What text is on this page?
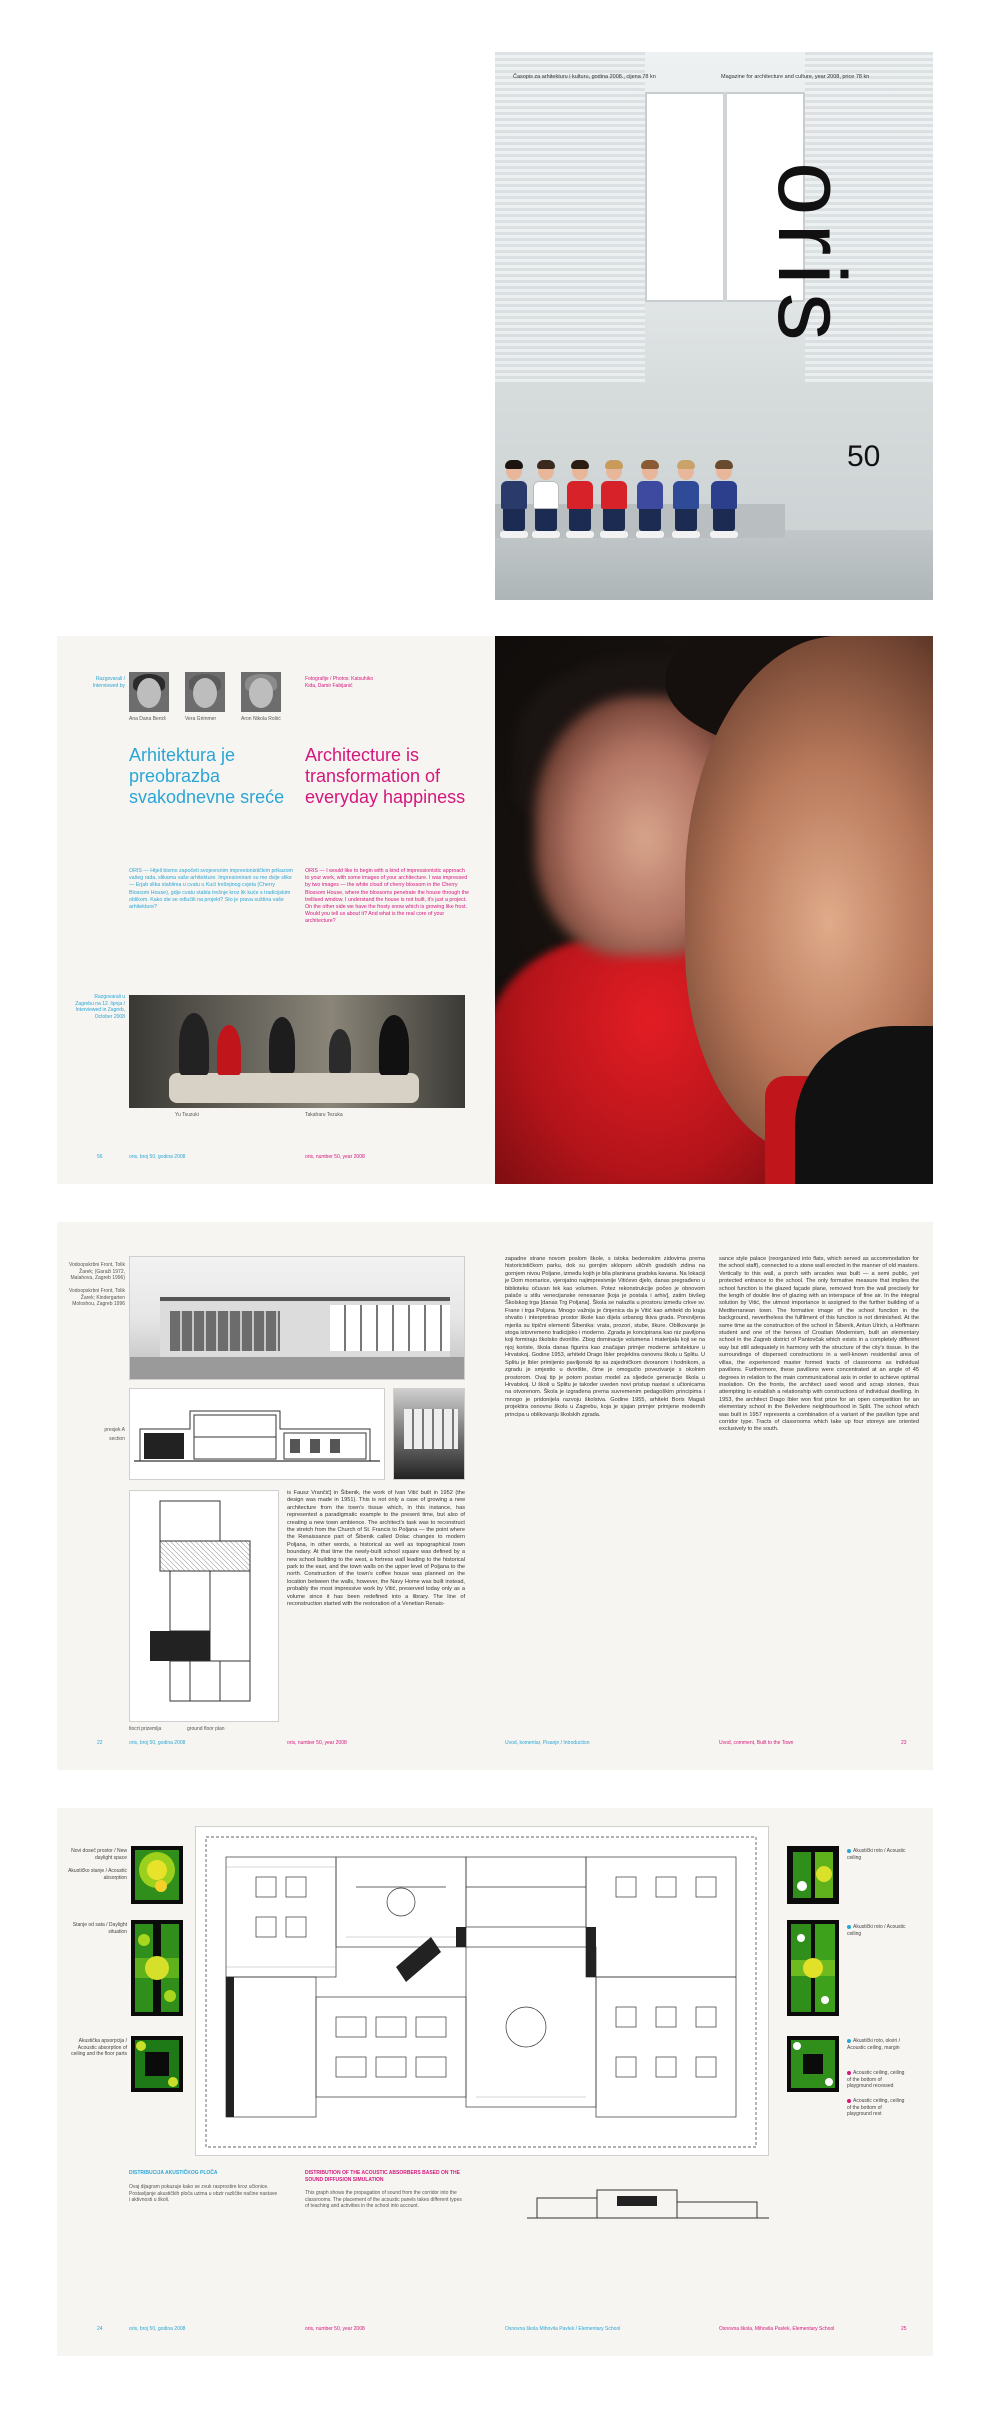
Časopis za arhitekturu i kulturu, godina 2008., cijena 78 kn	Magazine for architecture and culture, year 2008, price 78 kn
oris
50
Razgovarali / Interviewed by
Ana Dana Beroš	Vera Grimmer	Aron Nikola Rošić
Fotografije / Photos: Katsuhiko Kida, Damir Fabijanić
Arhitektura je preobrazba svakodnevne sreće
Architecture is transformation of everyday happiness
ORIS — Htjeli bismo započeti svojevrsnim impresionističkim prikazom vašeg rada, slikama vaše arhitekture. Impresionirani su me dvije slike — Erjab slika stablima u cvatu u Kući trešnjinog cvjeta (Cherry Blossom House), gdje cvatu stabla trešnje kroz lik kuće s tradicijskim oblikom. Kako ste se odlučili na projekt? Sto je prava suština vaše arhitekture?
ORIS — I would like to begin with a kind of impressionistic approach to your work, with some images of your architecture. I was impressed by two images — the white cloud of cherry blossom in the Cherry Blossom House, where the blossoms penetrate the house through the trellised window. I understand the house is not built, it's just a project. On the other side we have the frosty snow which is growing like frost. Would you tell us about it? And what is the real core of your architecture?
Razgovarali u Zagrebu na 12. lipnja / Interviewed in Zagreb, October 2008
Yu Tsuzuki	Takaharu Tezuka
56	oris, broj 50, godina 2008	oris, number 50, year 2008
Vodoopskrbni Front, Tolik Žarek; (Garaži 1972, Malahova, Zagreb 1996)
Vodoopskrbni Front, Tolik Žarek; Kindergarten Moloshou, Zagreb 1996
presjek A
section
tlocrt prizemlja	ground floor plan
is Fausz Vrančić] in Šibenik, the work of Ivan Vitić built in 1952 (the design was made in 1951). This is not only a case of growing a new architecture from the town's tissue which, in this instance, has represented a paradigmatic example to the present time, but also of creating a new town ambience. The architect's task was to reconstruct the stretch from the Church of St. Francis to Poljana — the point where the Renaissance part of Šibenik called Dolac changes to modern Poljana, in other words, a historical as well as topographical town boundary. At that time the newly-built school square was defined by a new school building to the west, a fortress wall leading to the historical park to the east, and the town walls on the upper level of Poljana to the north. Construction of the town's coffee house was planned on the location between the walls, however, the Navy Home was built instead, probably the most impressive work by Vitić, preserved today only as a volume since it has been redefined into a library. The line of reconstruction started with the restoration of a Venetian Renais-
zapadne strane novom poslom škole, s istoka bedemskim zidovima prema historicističkom parku, dok su gornjim sklopom uličnih gradskih zidina na gornjem nivou Poljane, između kojih je bila planirana gradska kavana. Na lokaciji je Dom mornarice, vjerojatno najimpresivnije Vitićevo djelo, danas pregrađeno u biblioteku očuvan tek kao volumen. Potez rekonstrukcije počeo je obnovom palače u stilu venecijanske renesanse [koja je postala i arhiv], zatim bivšeg Školskog trga [danas Trg Poljana]. Škola se nalazila u prostoru između crkve sv. Frane i trga Poljana. Mnogo važnija je činjenica da je Vitić kao arhitekt do kraja shvatio i interpretirao prostor škole kao dijela urbanog tkiva grada. Ponovljena mjerila su tipični elementi Šibenika: vrata, prozori, stube, škure. Oblikovanje je stoga istovremeno tradicijsko i moderno. Zgrada je koncipirana kao niz paviljona koji formiraju školsko dvorište. Zbog dominacije volumena i materijala koji se na njoj koriste, škola danas figurira kao značajan primjer moderne arhitekture u Hrvatskoj. Godine 1953, arhitekt Drago Ibler projektira osnovnu školu u Splitu. U Splitu je Ibler primijenio paviljonski tip sa zajedničkom dvoranom i hodnikom, a zgradu je smjestio u dvorište, čime je omogućio povezivanje s okolnim prostorom. Ovaj tip je potom postao model za sljedeće generacije škola u Hrvatskoj. U školi u Splitu je također uveden novi pristup nastavi s učionicama na otvorenom. Škola je izgrađena prema suvremenim pedagoškim principima i mnogo je pridonijela razvoju školstva. Godine 1955, arhitekt Boris Magaš projektira osnovnu školu u Zagrebu, koja je sjajan primjer primjene modernih principa u oblikovanju školskih zgrada.
sance style palace (reorganized into flats, which served as accommodation for the school staff), connected to a stone wall erected in the manner of old masters. Vertically to this wall, a porch with arcades was built — a semi public, yet protected entrance to the school. The only formative measure that implies the school function is the glazed façade plane, removed from the wall precisely for the length of double line of glazing with an interspace of fine air. In the integral solution by Vitić, the utmost importance is assigned to the further building of a Mediterranean town. The formative image of the school function in the background, nevertheless the fulfilment of this function is not diminished. At the same time as the construction of the school in Šibenik, Antun Ulrich, a Hoffmann student and one of the heroes of Croatian Modernism, built an elementary school in the Zagreb district of Pantovčak which exists in a completely different way but still adequately in harmony with the structure of the city's tissue. In the surroundings of dispersed constructions in a well-known residential area of villas, the experienced master formed tracts of classrooms as individual pavilions. Furthermore, these pavilions were concentrated at an angle of 45 degrees in relation to the main communicational axis in order to achieve optimal insolation. On the fronts, the architect used wood and scrap stones, thus attempting to establish a relationship with constructions of individual dwelling. In 1953, the architect Drago Ibler won first prize for an open competition for an elementary school in the Belvedere neighbourhood in Split. The school which was built in 1957 represents a combination of a variant of the pavilion type and corridor type. Tracts of classrooms which take up four storeys are oriented exclusively to the south.
22	oris, broj 50, godina 2008	oris, number 50, year 2008	Uvod, komentar, Pisanje / Introduction	Uvod, comment, Built to the Town	23
Novi doseč prostor / New daylight space
Akustičko stanje / Acoustic absorption
Stanje od sata / Daylight situation
Akustička apsorpcija / Acoustic absorption of ceiling and the floor parts
Akustički roto / Acoustic ceiling
Akustički roto / Acoustic ceiling
Akustički roto, okviri / Acoustic ceiling, margin
Acoustic ceiling, ceiling of the bottom of playground recessed
Acoustic ceiling, ceiling of the bottom of playground rest
DISTRIBUCIJA AKUSTIČKOG PLOČA
Ovaj dijagram pokazuje kako se zvuk rasprostire kroz učionice. Postavljanje akustičkih ploča uzima u obzir različite načine nastave i aktivnosti u školi.
DISTRIBUTION OF THE ACOUSTIC ABSORBERS BASED ON THE SOUND DIFFUSION SIMULATION
This graph shows the propagation of sound from the corridor into the classrooms. The placement of the acoustic panels takes different types of teaching and activities in the school into account.
24	oris, broj 50, godina 2008	oris, number 50, year 2008	Osnovna škola Mihovila Pavlek / Elementary School	Osnovna škola, Mihovila Pavlek, Elementary School	25
